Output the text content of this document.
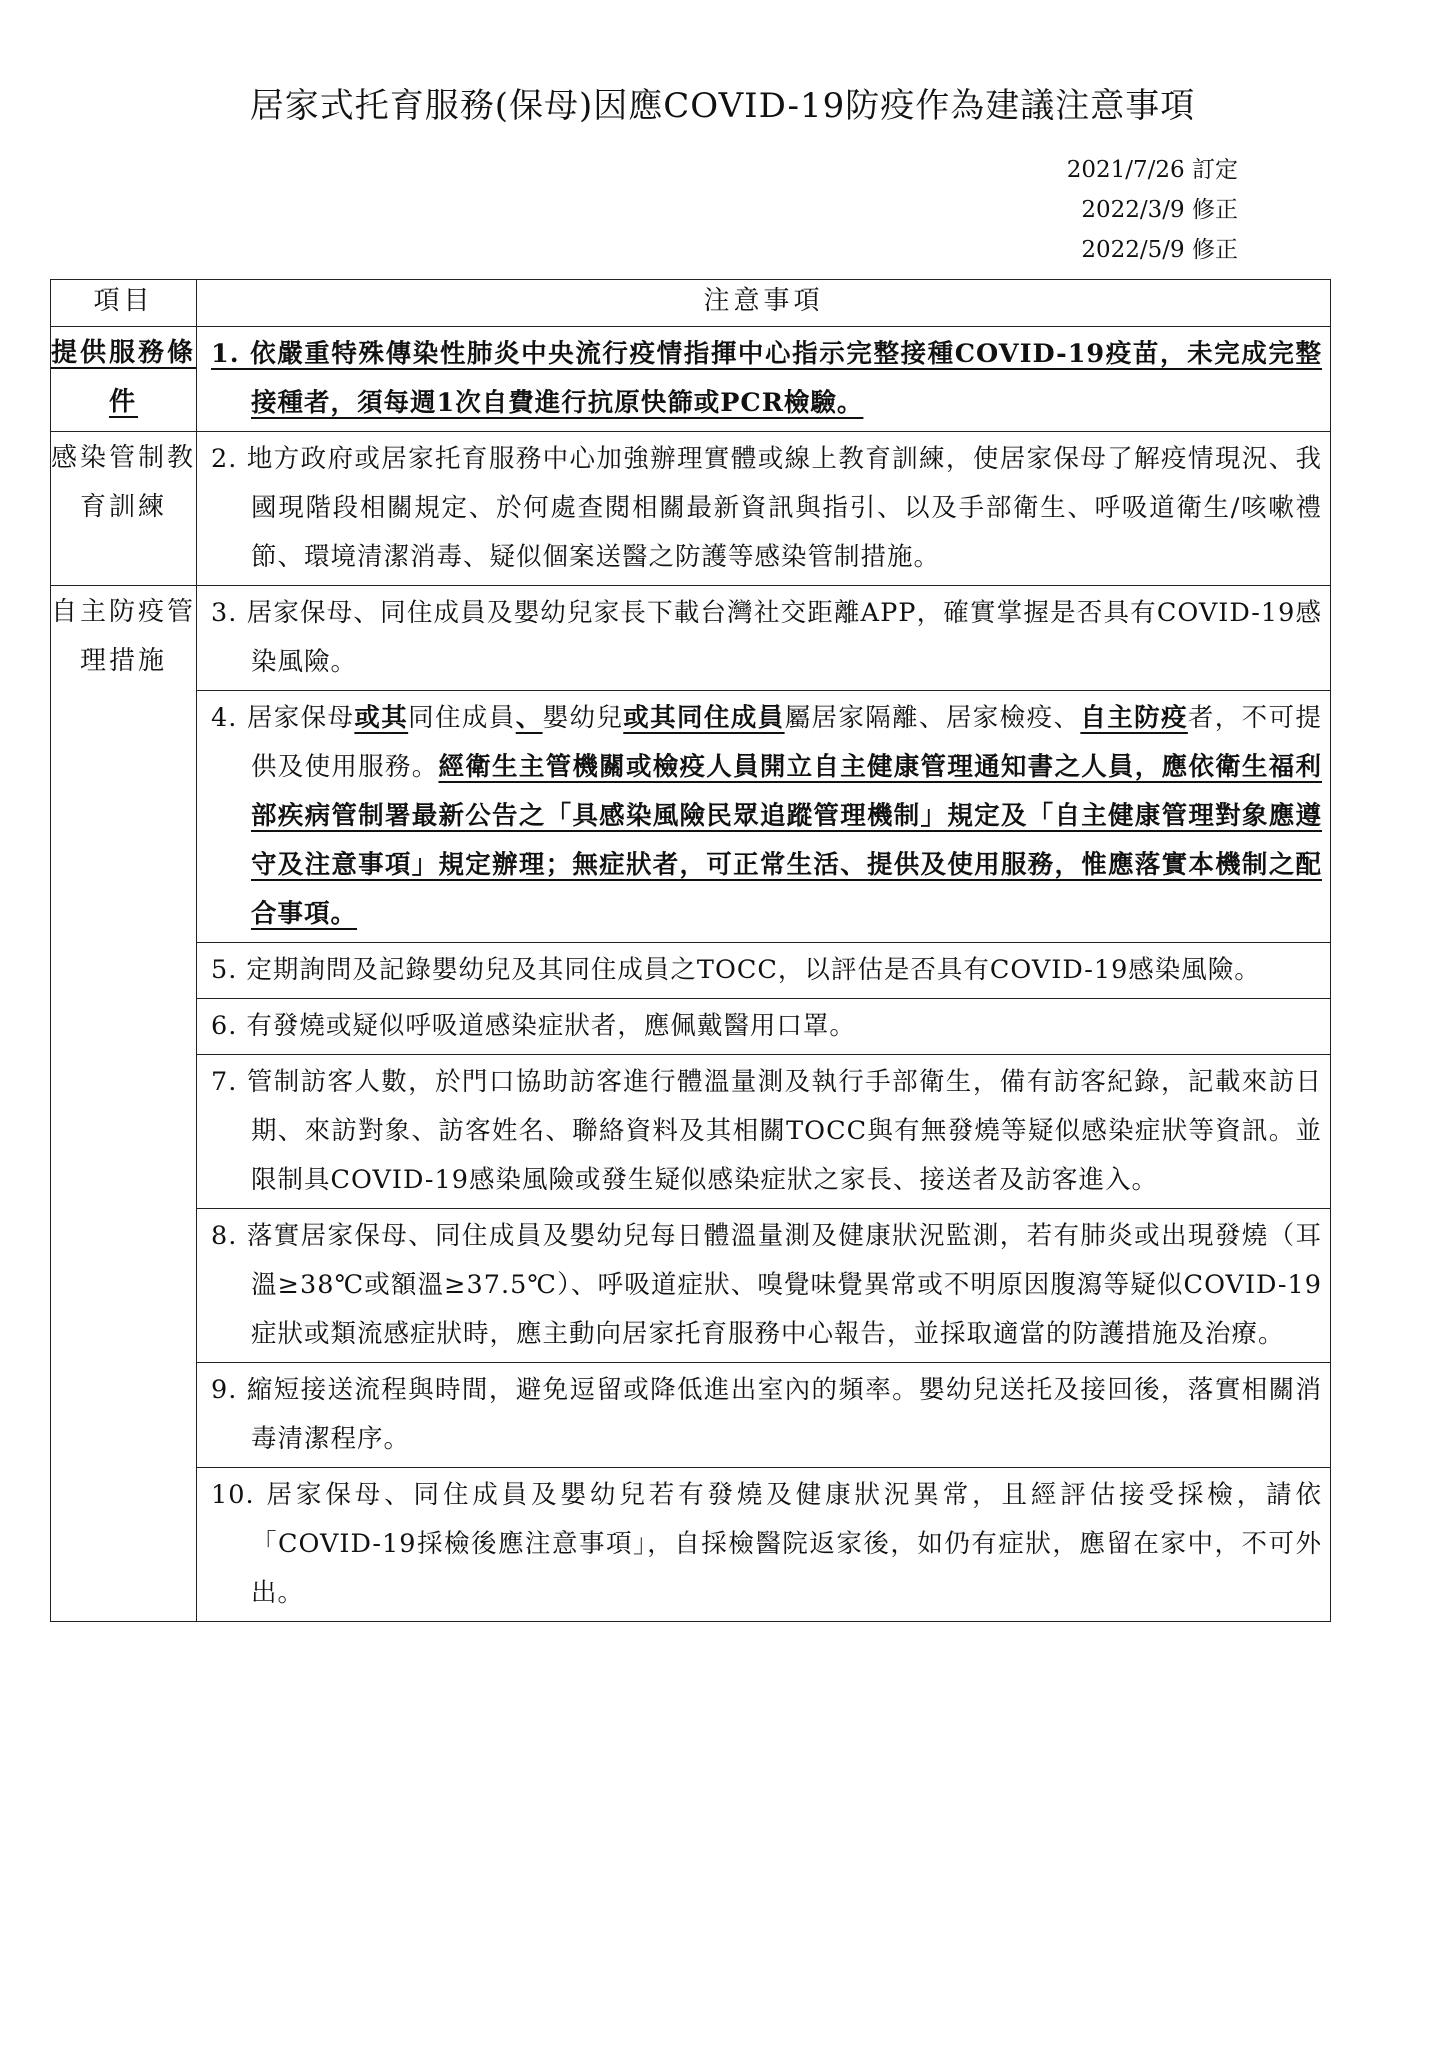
居家式托育服務(保母)因應COVID-19防疫作為建議注意事項
2021/7/26 訂定
2022/3/9 修正
2022/5/9 修正
項目	注意事項
提供服務條件	1. 依嚴重特殊傳染性肺炎中央流行疫情指揮中心指示完整接種COVID-19疫苗，未完成完整接種者，須每週1次自費進行抗原快篩或PCR檢驗。
感染管制教育訓練	2. 地方政府或居家托育服務中心加強辦理實體或線上教育訓練，使居家保母了解疫情現況、我國現階段相關規定、於何處查閱相關最新資訊與指引、以及手部衛生、呼吸道衛生/咳嗽禮節、環境清潔消毒、疑似個案送醫之防護等感染管制措施。
自主防疫管理措施	3. 居家保母、同住成員及嬰幼兒家長下載台灣社交距離APP，確實掌握是否具有COVID-19感染風險。
	4. 居家保母或其同住成員、嬰幼兒或其同住成員屬居家隔離、居家檢疫、自主防疫者，不可提供及使用服務。經衛生主管機關或檢疫人員開立自主健康管理通知書之人員，應依衛生福利部疾病管制署最新公告之「具感染風險民眾追蹤管理機制」規定及「自主健康管理對象應遵守及注意事項」規定辦理；無症狀者，可正常生活、提供及使用服務，惟應落實本機制之配合事項。
	5. 定期詢問及記錄嬰幼兒及其同住成員之TOCC，以評估是否具有COVID-19感染風險。
	6. 有發燒或疑似呼吸道感染症狀者，應佩戴醫用口罩。
	7. 管制訪客人數，於門口協助訪客進行體溫量測及執行手部衛生，備有訪客紀錄，記載來訪日期、來訪對象、訪客姓名、聯絡資料及其相關TOCC與有無發燒等疑似感染症狀等資訊。並限制具COVID-19感染風險或發生疑似感染症狀之家長、接送者及訪客進入。
	8. 落實居家保母、同住成員及嬰幼兒每日體溫量測及健康狀況監測，若有肺炎或出現發燒（耳溫≥38℃或額溫≥37.5℃）、呼吸道症狀、嗅覺味覺異常或不明原因腹瀉等疑似COVID-19症狀或類流感症狀時，應主動向居家托育服務中心報告，並採取適當的防護措施及治療。
	9. 縮短接送流程與時間，避免逗留或降低進出室內的頻率。嬰幼兒送托及接回後，落實相關消毒清潔程序。
	10. 居家保母、同住成員及嬰幼兒若有發燒及健康狀況異常，且經評估接受採檢，請依「COVID-19採檢後應注意事項」，自採檢醫院返家後，如仍有症狀，應留在家中，不可外出。
